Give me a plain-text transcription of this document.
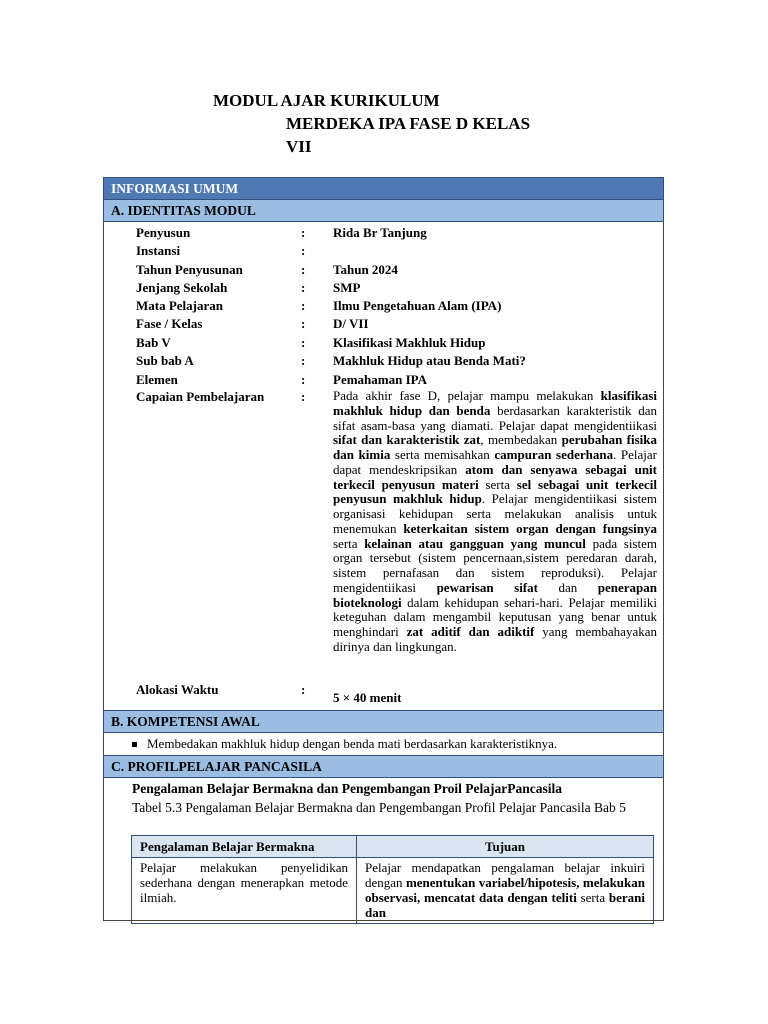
MODUL AJAR KURIKULUM
MERDEKA IPA FASE D KELAS
VII
INFORMASI UMUM
A. IDENTITAS MODUL
Penyusun	: Rida Br Tanjung
Instansi	:
Tahun Penyusunan	: Tahun 2024
Jenjang Sekolah	: SMP
Mata Pelajaran	: Ilmu Pengetahuan Alam (IPA)
Fase / Kelas	: D/ VII
Bab V	: Klasifikasi Makhluk Hidup
Sub bab A	: Makhluk Hidup atau Benda Mati?
Elemen	: Pemahaman IPA
Capaian Pembelajaran	: Pada akhir fase D, pelajar mampu melakukan klasifikasi makhluk hidup dan benda berdasarkan karakteristik dan sifat asam-basa yang diamati. Pelajar dapat mengidentiikasi sifat dan karakteristik zat, membedakan perubahan fisika dan kimia serta memisahkan campuran sederhana. Pelajar dapat mendeskripsikan atom dan senyawa sebagai unit terkecil penyusun materi serta sel sebagai unit terkecil penyusun makhluk hidup. Pelajar mengidentiikasi sistem organisasi kehidupan serta melakukan analisis untuk menemukan keterkaitan sistem organ dengan fungsinya serta kelainan atau gangguan yang muncul pada sistem organ tersebut (sistem pencernaan,sistem peredaran darah, sistem pernafasan dan sistem reproduksi). Pelajar mengidentiikasi pewarisan sifat dan penerapan bioteknologi dalam kehidupan sehari-hari. Pelajar memiliki keteguhan dalam mengambil keputusan yang benar untuk menghindari zat aditif dan adiktif yang membahayakan dirinya dan lingkungan.
Alokasi Waktu	:
5 × 40 menit
B. KOMPETENSI AWAL
Membedakan makhluk hidup dengan benda mati berdasarkan karakteristiknya.
C. PROFILPELAJAR PANCASILA
Pengalaman Belajar Bermakna dan Pengembangan Proil PelajarPancasila
Tabel 5.3 Pengalaman Belajar Bermakna dan Pengembangan Profil Pelajar Pancasila Bab 5
Pengalaman Belajar Bermakna	Tujuan
Pelajar melakukan penyelidikan sederhana dengan menerapkan metode ilmiah.	Pelajar mendapatkan pengalaman belajar inkuiri dengan menentukan variabel/hipotesis, melakukan observasi, mencatat data dengan teliti serta berani dan
